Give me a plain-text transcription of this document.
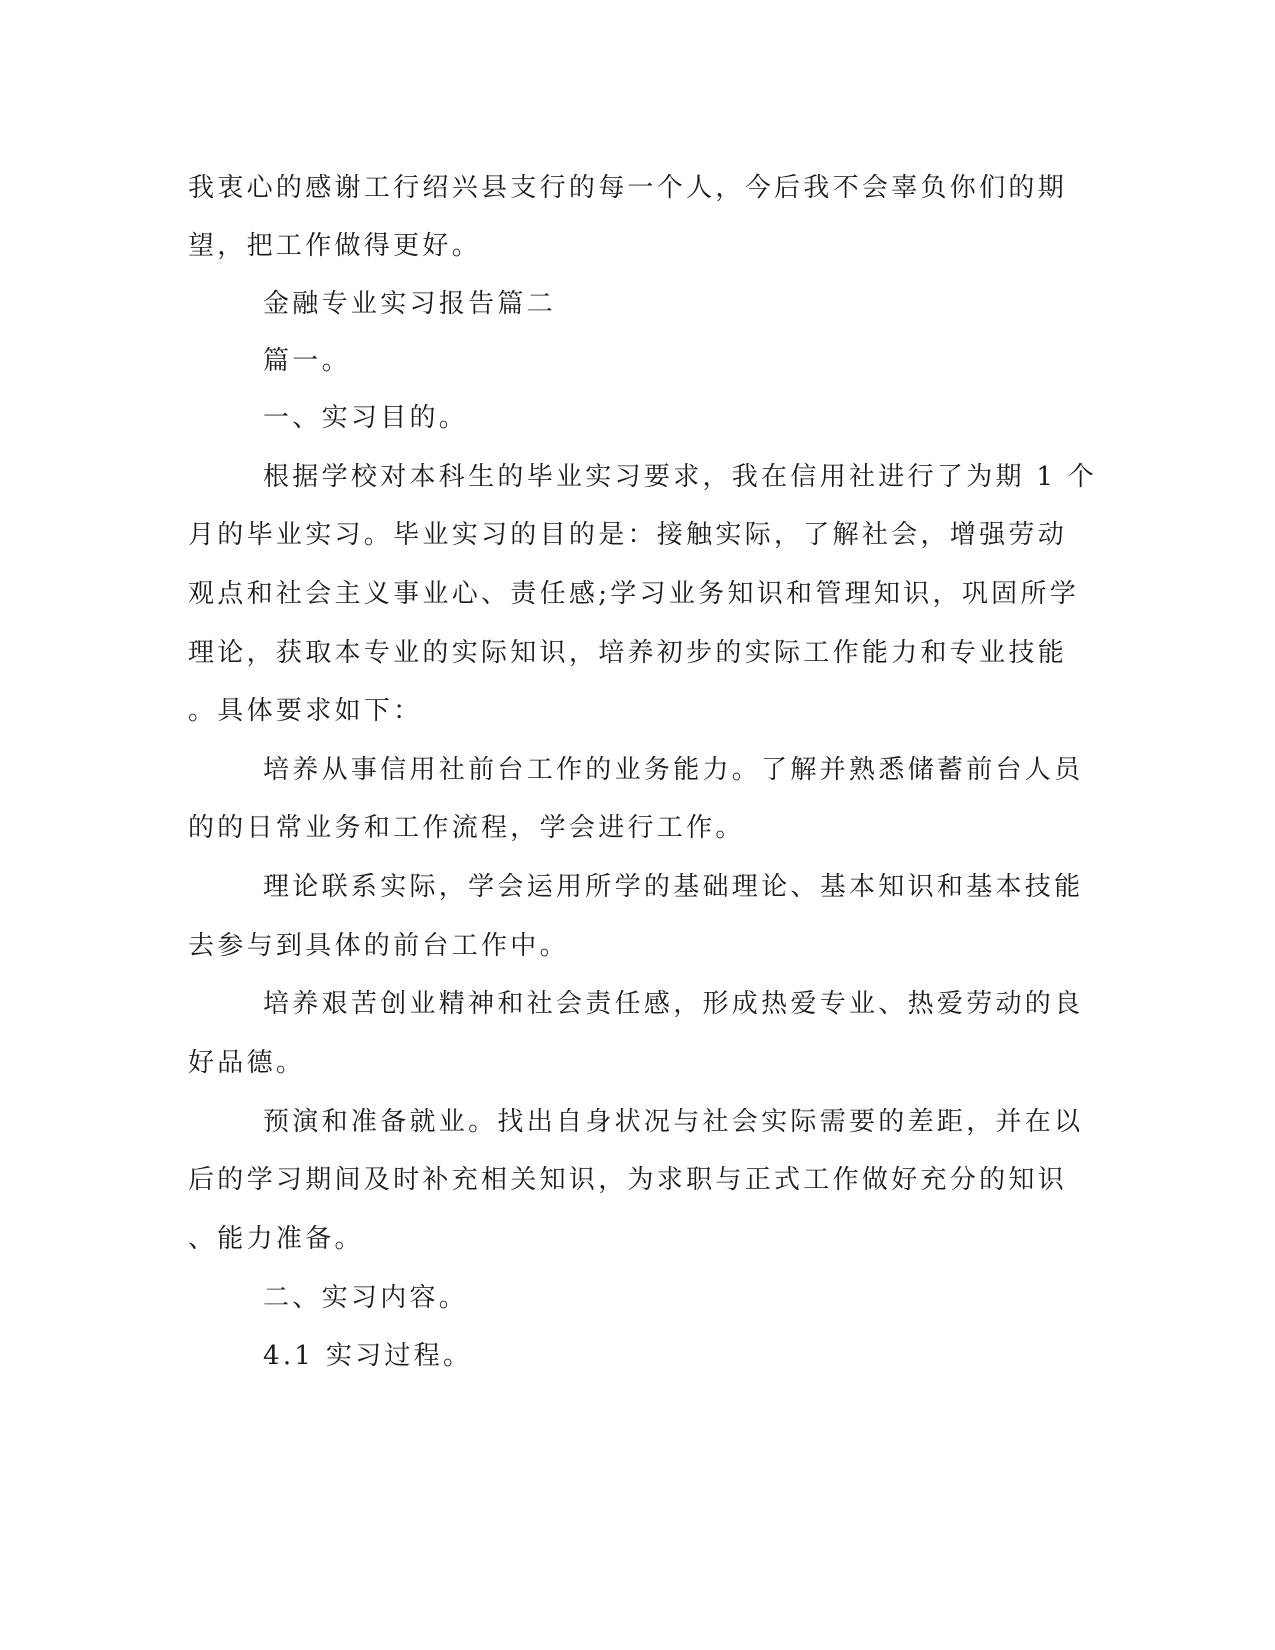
我衷心的感谢工行绍兴县支行的每一个人，今后我不会辜负你们的期
望，把工作做得更好。
金融专业实习报告篇二
篇一。
一、实习目的。
根据学校对本科生的毕业实习要求，我在信用社进行了为期 1 个
月的毕业实习。毕业实习的目的是：接触实际，了解社会，增强劳动
观点和社会主义事业心、责任感;学习业务知识和管理知识，巩固所学
理论，获取本专业的实际知识，培养初步的实际工作能力和专业技能
。具体要求如下：
培养从事信用社前台工作的业务能力。了解并熟悉储蓄前台人员
的的日常业务和工作流程，学会进行工作。
理论联系实际，学会运用所学的基础理论、基本知识和基本技能
去参与到具体的前台工作中。
培养艰苦创业精神和社会责任感，形成热爱专业、热爱劳动的良
好品德。
预演和准备就业。找出自身状况与社会实际需要的差距，并在以
后的学习期间及时补充相关知识，为求职与正式工作做好充分的知识
、能力准备。
二、实习内容。
4.1 实习过程。
